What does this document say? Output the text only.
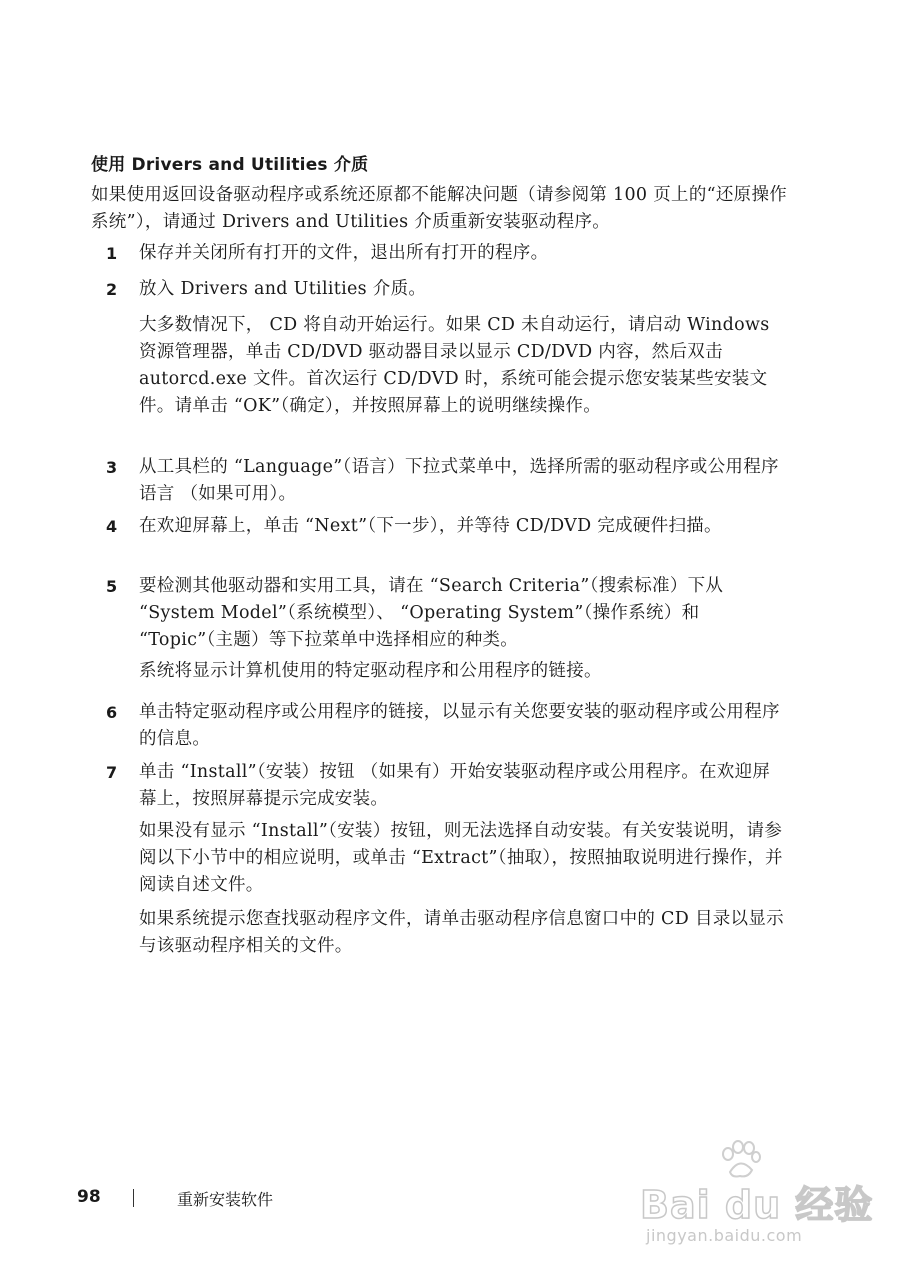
使用 Drivers and Utilities 介质

如果使用返回设备驱动程序或系统还原都不能解决问题（请参阅第 100 页上的“还原操作系统”），请通过 Drivers and Utilities 介质重新安装驱动程序。

1 保存并关闭所有打开的文件，退出所有打开的程序。

2 放入 Drivers and Utilities 介质。

大多数情况下， CD 将自动开始运行。如果 CD 未自动运行，请启动 Windows 资源管理器，单击 CD/DVD 驱动器目录以显示 CD/DVD 内容，然后双击 autorcd.exe 文件。首次运行 CD/DVD 时，系统可能会提示您安装某些安装文件。请单击 “OK”（确定），并按照屏幕上的说明继续操作。

3 从工具栏的 “Language”（语言）下拉式菜单中，选择所需的驱动程序或公用程序语言 （如果可用）。

4 在欢迎屏幕上，单击 “Next”（下一步），并等待 CD/DVD 完成硬件扫描。

5 要检测其他驱动器和实用工具，请在 “Search Criteria”（搜索标准）下从 “System Model”（系统模型）、 “Operating System”（操作系统）和 “Topic”（主题）等下拉菜单中选择相应的种类。

系统将显示计算机使用的特定驱动程序和公用程序的链接。

6 单击特定驱动程序或公用程序的链接，以显示有关您要安装的驱动程序或公用程序的信息。

7 单击 “Install”（安装）按钮 （如果有）开始安装驱动程序或公用程序。在欢迎屏幕上，按照屏幕提示完成安装。

如果没有显示 “Install”（安装）按钮，则无法选择自动安装。有关安装说明，请参阅以下小节中的相应说明，或单击 “Extract”（抽取），按照抽取说明进行操作，并阅读自述文件。

如果系统提示您查找驱动程序文件，请单击驱动程序信息窗口中的 CD 目录以显示与该驱动程序相关的文件。

98	重新安装软件	Bai du 经验
jingyan.baidu.com
